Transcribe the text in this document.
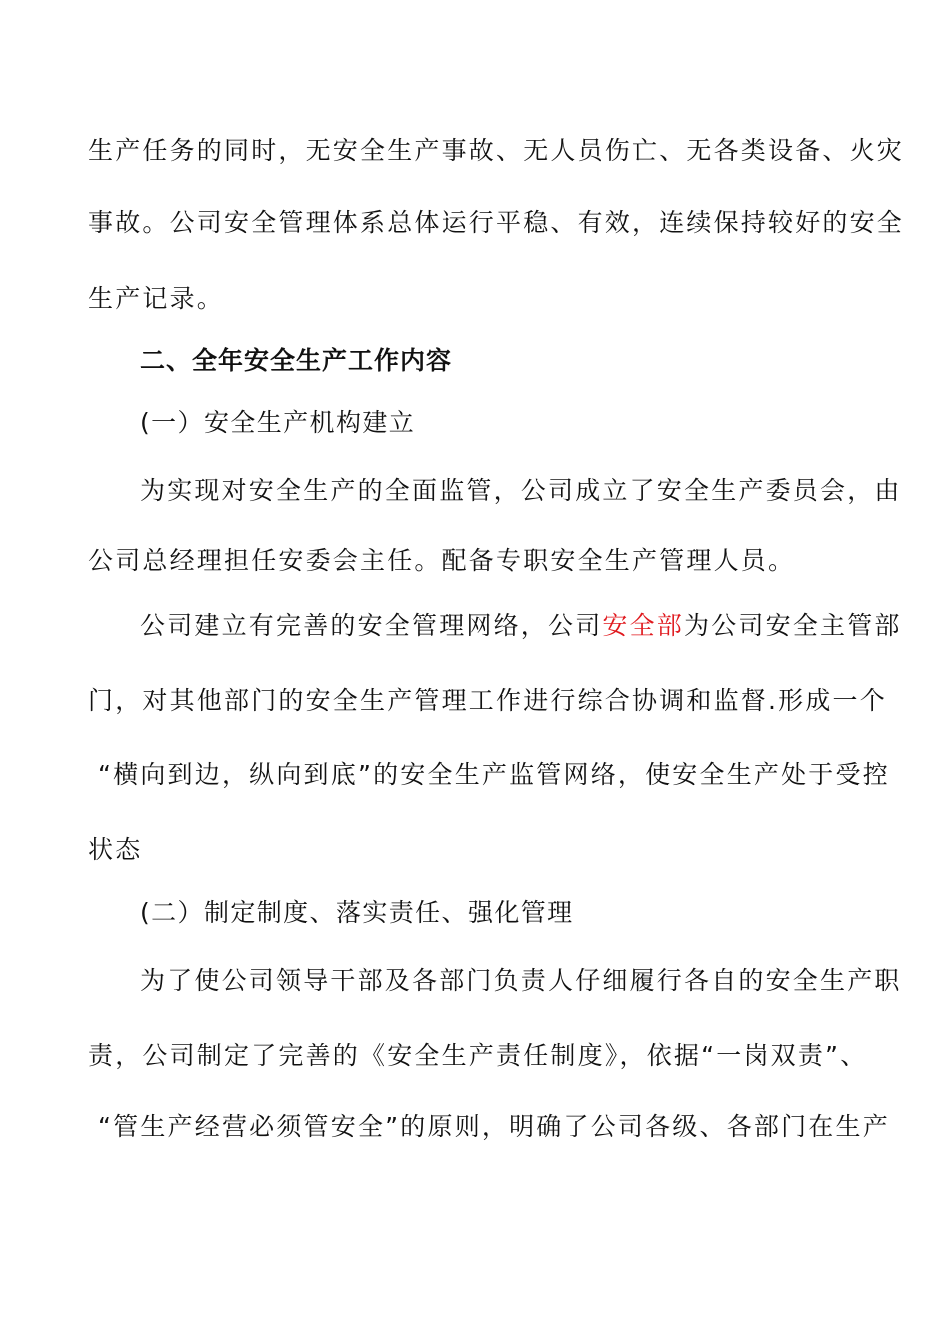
生产任务的同时，无安全生产事故、无人员伤亡、无各类设备、火灾
事故。公司安全管理体系总体运行平稳、有效，连续保持较好的安全
生产记录。
二、全年安全生产工作内容
(一）安全生产机构建立
为实现对安全生产的全面监管，公司成立了安全生产委员会，由
公司总经理担任安委会主任。配备专职安全生产管理人员。
公司建立有完善的安全管理网络，公司安全部为公司安全主管部
门，对其他部门的安全生产管理工作进行综合协调和监督.形成一个
“横向到边，纵向到底”的安全生产监管网络，使安全生产处于受控
状态
(二）制定制度、落实责任、强化管理
为了使公司领导干部及各部门负责人仔细履行各自的安全生产职
责，公司制定了完善的《安全生产责任制度》，依据“一岗双责”、
“管生产经营必须管安全”的原则，明确了公司各级、各部门在生产
